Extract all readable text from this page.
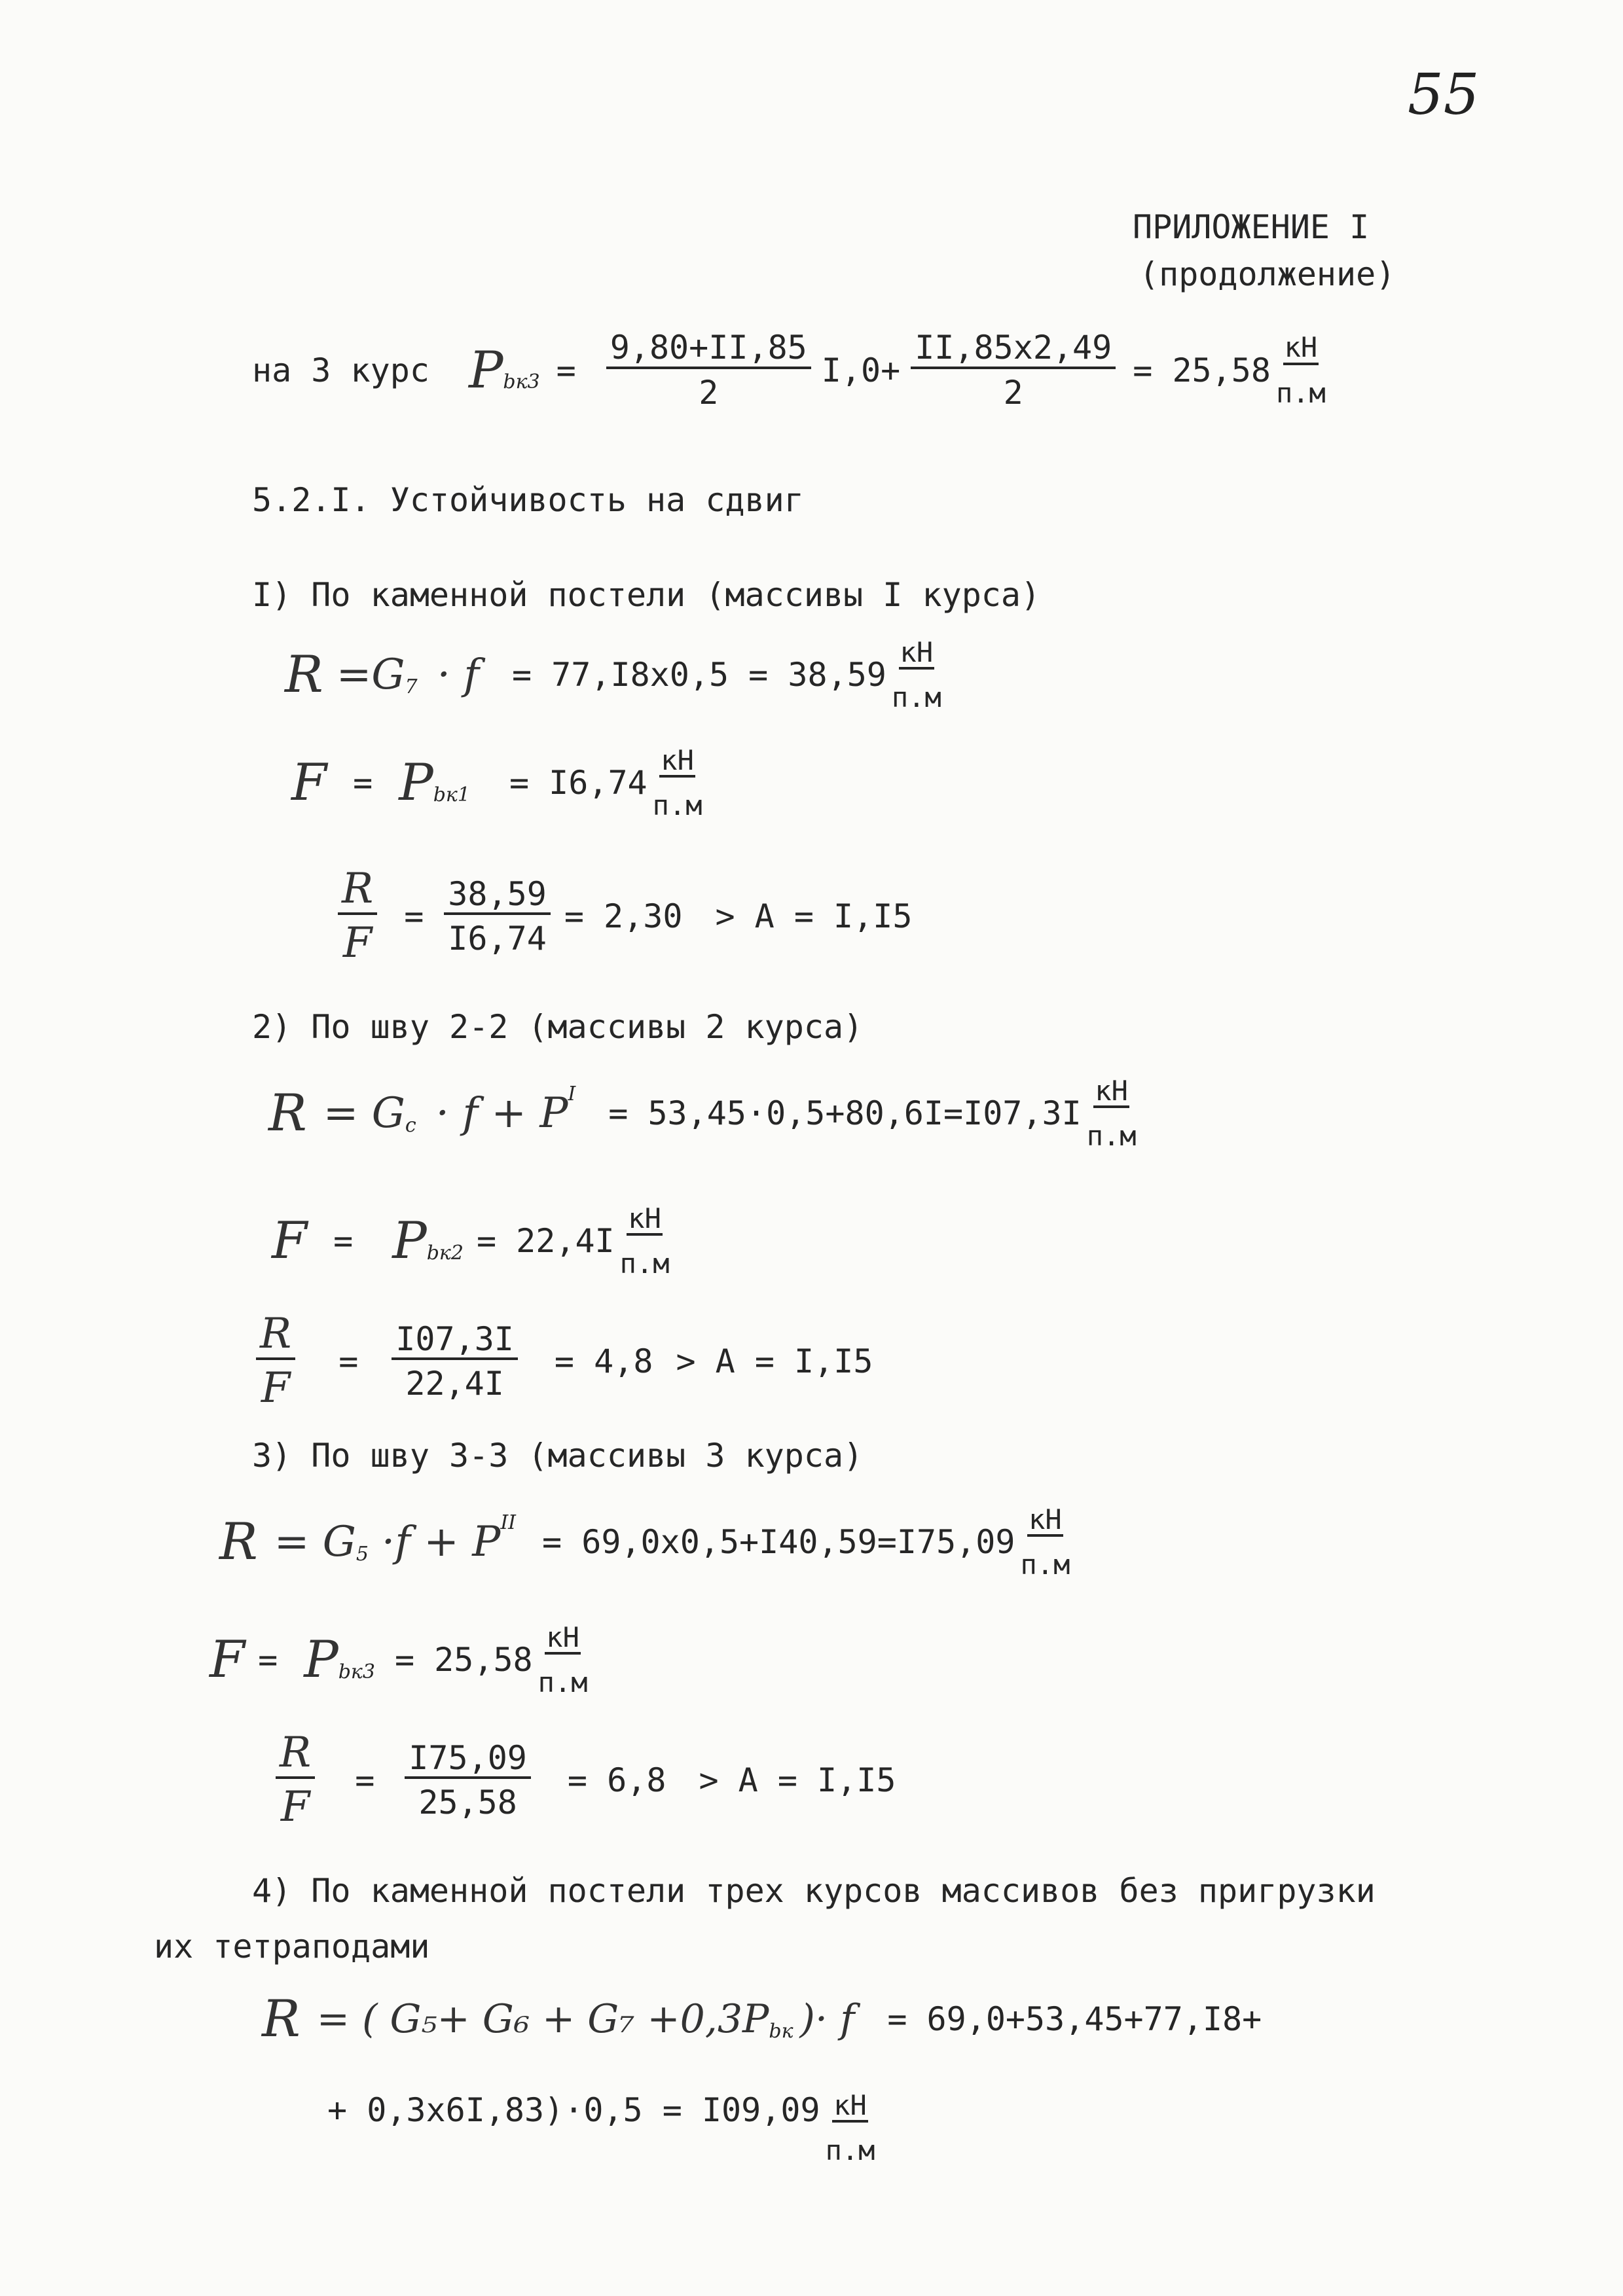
55
ПРИЛОЖЕНИЕ I
(продолжение)
на 3 курс P $bк3 = \frac{9,80+II,85}{2} I,0+ \frac{II,85x2,49}{2} = 25,58$
кН
п.м
5.2.I. Устойчивость на сдвиг
I) По каменной постели (массивы I курса)
R =G 7 · f = 77,I8x0,5 = 38,59
кН
п.м
F = P bк1 = I6,74
кН
п.м
$\frac{R}{F} = \frac{38,59}{I6,74} = 2,30 > A = I,I5$
2) По шву 2-2 (массивы 2 курса)
R = G c · f + P I
= 53,45·0,5+80,6I=I07,3I
кН
п.м
F = P bк2 = 22,4I
кН
п.м
$\frac{R}{F} = \frac{I07,3I}{22,4I} = 4,8 > A = I,I5$
3) По шву 3-3 (массивы 3 курса)
R = G 5 ·f + P II
= 69,0x0,5+I40,59=I75,09
кН
п.м
F = P bк3 = 25,58
кН
п.м
$\frac{R}{F} = \frac{I75,09}{25,58} = 6,8 > A = I,I5$
4) По каменной постели трех курсов массивов без пригрузки
их тетраподами
R = ( G₅+ G₆ + G₇ +0,3P bк )· f = 69,0+53,45+77,I8+
+ 0,3x6I,83)·0,5 = I09,09 кН
п.м
